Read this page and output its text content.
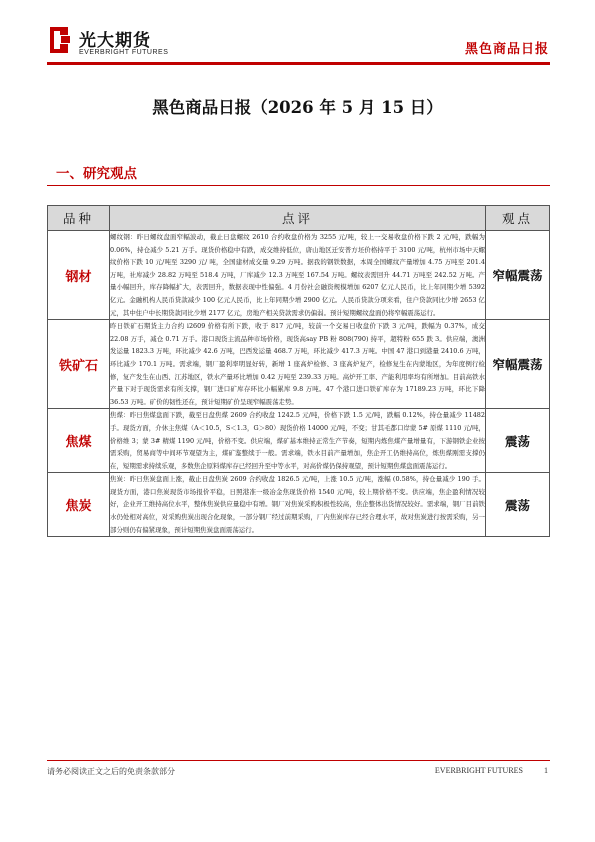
光大期货
EVERBRIGHT FUTURES	黑色商品日报
黑色商品日报（2026 年 5 月 15 日）
一、研究观点
品种	点评	观点
钢材	螺纹钢：昨日螺纹盘面窄幅波动，截止日盘螺纹 2610 合约收盘价格为 3255 元/吨，较上一交易收盘价格下跌 2 元/吨，跌幅为 0.06%，持仓减少 5.21 万手。现货价格稳中有跌，成交维持低位，唐山地区迁安普方坯价格持平于 3100 元/吨，杭州市场中天螺纹价格下跌 10 元/吨至 3290 元/ 吨，全国建材成交量 9.29 万吨。据我的钢铁数据，本周全国螺纹产量增加 4.75 万吨至 201.4 万吨，社库减少 28.82 万吨至 518.4 万吨，厂库减少 12.3 万吨至 167.54 万吨。螺纹表需回升 44.71 万吨至 242.52 万吨。产量小幅回升，库存降幅扩大，表需回升，数据表现中性偏强。4 月份社会融资规模增加 6207 亿元人民币，比上年同期少增 5392 亿元。金融机构人民币贷款减少 100 亿元人民币，比上年同期少增 2900 亿元。人民币贷款分项来看，住户贷款同比少增 2653 亿元，其中住户中长期贷款同比少增 2177 亿元，房地产相关贷款需求仍偏弱。预计短期螺纹盘面仍将窄幅震荡运行。	窄幅震荡
铁矿石	昨日铁矿石期货主力合约 i2609 价格有所下跌，收于 817 元/吨，较前一个交易日收盘价下跌 3 元/吨，跌幅为 0.37%，成交 22.08 万手，减仓 0.71 万手。港口现货主流品种市场价格，现货高say PB 粉 808(790) 持平，超特粉 655 跌 3。供应端，澳洲发运量 1823.3 万吨，环比减少 42.6 万吨，巴西发运量 468.7 万吨，环比减少 417.3 万吨。中国 47 港口到港量 2410.6 万吨，环比减少 170.1 万吨。需求端，钢厂盈利率明显好转，新增 1 座高炉检修、3 座高炉复产，检修复生在内蒙地区，为年度例行检修，复产发生在山西、江苏地区，铁水产量环比增加 0.42 万吨至 239.33 万吨。高炉开工率、产能利用率均有所增加。目前高铁水产量下对于现货需求有所支撑，钢厂进口矿库存环比小幅累库 9.8 万吨。47 个港口进口铁矿库存为 17189.23 万吨，环比下降 36.53 万吨。矿价的韧性还在，预计短期矿价呈现窄幅震荡走势。	窄幅震荡
焦煤	焦煤：昨日焦煤盘面下跌，截至日盘焦煤 2609 合约收盘 1242.5 元/吨，价格下跌 1.5 元/吨，跌幅 0.12%，持仓量减少 11482 手。现货方面，介休主焦煤（A＜10.5，S＜1.3，G＞80）现货价格 14000 元/吨，不变；甘其毛都口岸蒙 5# 原煤 1110 元/吨，价格维 3；蒙 3# 精煤 1190 元/吨，价格不变。供应端，煤矿基本维持正常生产节奏，短期内炼焦煤产量增量有，下游钢铁企业按需采购，贸易商等中间环节观望为主，煤矿鉴整续于一般。需求端，铁水目前产量增加，焦企开工仍维持高位，炼焦煤刚需支撑仍在，短期需求持续乐观，多数焦企原料煤库存已经回升至中等水平，对高价煤仍保持观望，预计短期焦煤盘面震荡运行。	震荡
焦炭	焦炭：昨日焦炭盘面上涨，截止日盘焦炭 2609 合约收盘 1826.5 元/吨，上涨 10.5 元/吨，涨幅 (0.58%，持仓量减少 190 手。现货方面，港口焦炭现货市场报价平稳，日照港准一级冶金焦现货价格 1540 元/吨，较上期价格不变。供应端，焦企盈利情况较好，企业开工维持高位水平，整体焦炭供应量稳中有增。钢厂对焦炭采购积极性较高，焦企整体出货情况较好。需求端，钢厂目前铁水仍处相对高位，对采购焦炭出现合化现象，一部分钢厂经过前期采购，厂内焦炭库存已经合理水平，故对焦炭进行按需采购，另一部分则仍有偏紧现象，预计短期焦炭盘面震荡运行。	震荡
请务必阅读正文之后的免责条款部分	EVERBRIGHT FUTURES	1
